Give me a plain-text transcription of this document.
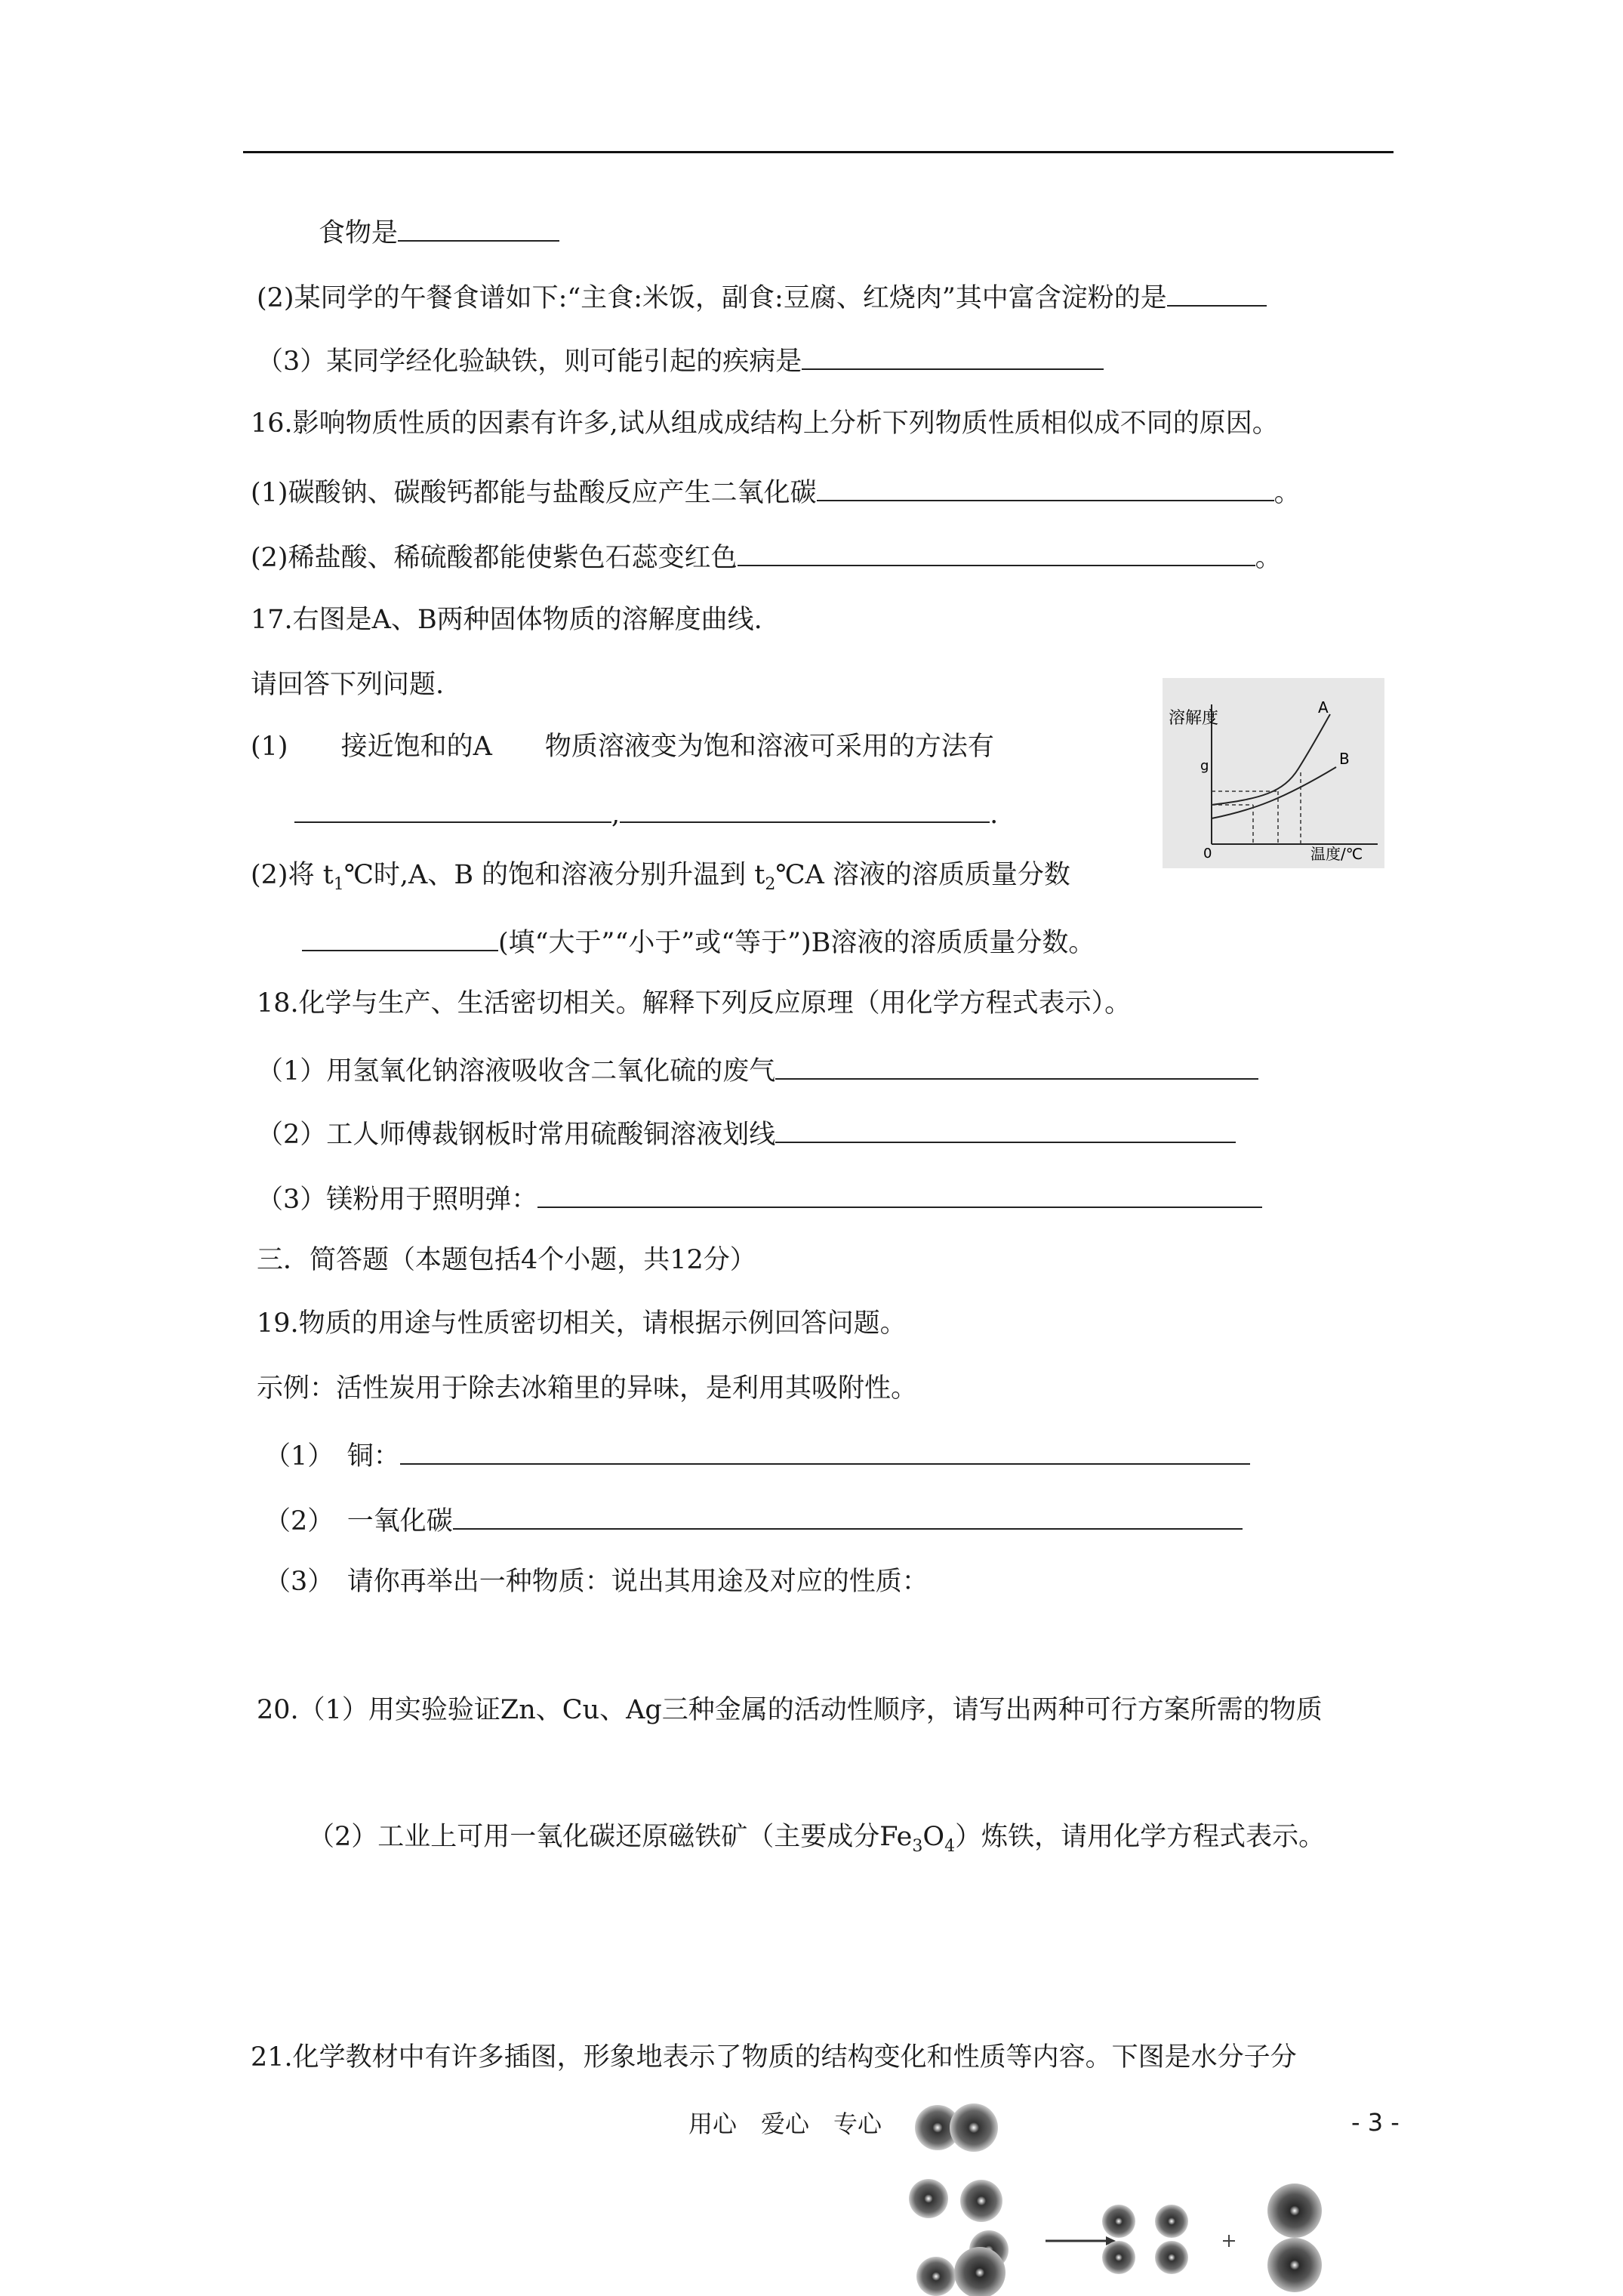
食物是
(2)某同学的午餐食谱如下:“主食:米饭，副食:豆腐、红烧肉”其中富含淀粉的是
（3）某同学经化验缺铁，则可能引起的疾病是
16.影响物质性质的因素有许多,试从组成成结构上分析下列物质性质相似成不同的原因。
(1)碳酸钠、碳酸钙都能与盐酸反应产生二氧化碳	。
(2)稀盐酸、稀硫酸都能使紫色石蕊变红色	。
17.右图是A、B两种固体物质的溶解度曲线.
请回答下列问题.
(1)　　接近饱和的A　　物质溶液变为饱和溶液可采用的方法有
,	.
(2)将 $t_1℃$时,A、B 的饱和溶液分别升温到 $t_2℃A$ 溶液的溶质质量分数
(填“大于”“小于”或“等于”)B溶液的溶质质量分数。
18.化学与生产、生活密切相关。解释下列反应原理（用化学方程式表示）。
（1）用氢氧化钠溶液吸收含二氧化硫的废气
（2）工人师傅裁钢板时常用硫酸铜溶液划线
（3）镁粉用于照明弹：
三．简答题（本题包括4个小题，共12分）
19.物质的用途与性质密切相关，请根据示例回答问题。
示例：活性炭用于除去冰箱里的异味，是利用其吸附性。
（1）　铜：
（2）　一氧化碳
（3）　请你再举出一种物质：说出其用途及对应的性质：
20.（1）用实验验证Zn、Cu、Ag三种金属的活动性顺序，请写出两种可行方案所需的物质
（2）工业上可用一氧化碳还原磁铁矿（主要成分$Fe_3O_4$）炼铁，请用化学方程式表示。
21.化学教材中有许多插图，形象地表示了物质的结构变化和性质等内容。下图是水分子分
溶解度
g
0	温度/℃
A
B
用心　爱心　专心	- 3 -
